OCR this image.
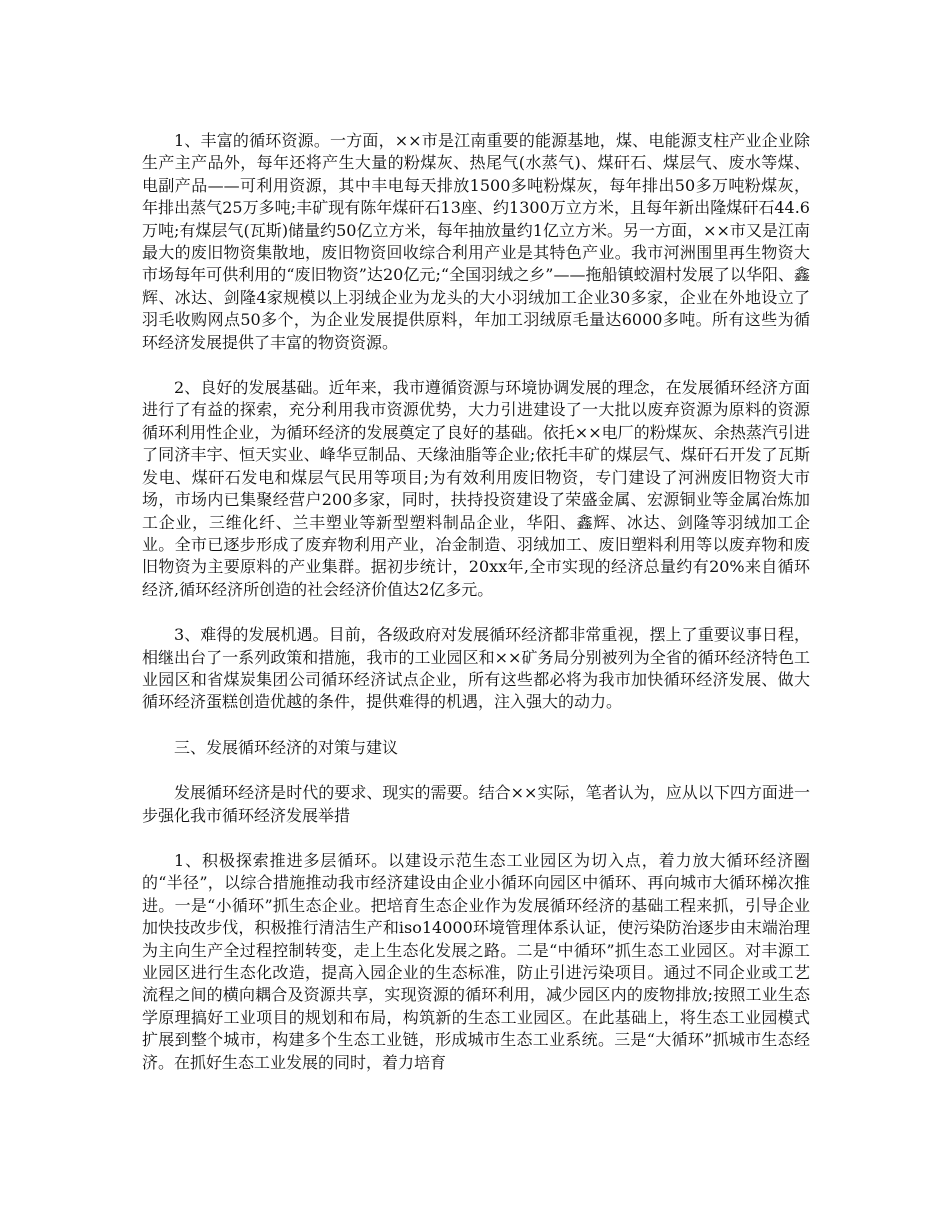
1、丰富的循环资源。一方面，××市是江南重要的能源基地，煤、电能源支柱产业企业除生产主产品外，每年还将产生大量的粉煤灰、热尾气(水蒸气)、煤矸石、煤层气、废水等煤、电副产品——可利用资源，其中丰电每天排放1500多吨粉煤灰，每年排出50多万吨粉煤灰，年排出蒸气25万多吨;丰矿现有陈年煤矸石13座、约1300万立方米，且每年新出隆煤矸石44.6万吨;有煤层气(瓦斯)储量约50亿立方米，每年抽放量约1亿立方米。另一方面，××市又是江南最大的废旧物资集散地，废旧物资回收综合利用产业是其特色产业。我市河洲围里再生物资大市场每年可供利用的“废旧物资”达20亿元;“全国羽绒之乡”——拖船镇蛟湄村发展了以华阳、鑫辉、冰达、剑隆4家规模以上羽绒企业为龙头的大小羽绒加工企业30多家，企业在外地设立了羽毛收购网点50多个，为企业发展提供原料，年加工羽绒原毛量达6000多吨。所有这些为循环经济发展提供了丰富的物资资源。

2、良好的发展基础。近年来，我市遵循资源与环境协调发展的理念，在发展循环经济方面进行了有益的探索，充分利用我市资源优势，大力引进建设了一大批以废弃资源为原料的资源循环利用性企业，为循环经济的发展奠定了良好的基础。依托××电厂的粉煤灰、余热蒸汽引进了同济丰宇、恒天实业、峰华豆制品、天缘油脂等企业;依托丰矿的煤层气、煤矸石开发了瓦斯发电、煤矸石发电和煤层气民用等项目;为有效利用废旧物资，专门建设了河洲废旧物资大市场，市场内已集聚经营户200多家，同时，扶持投资建设了荣盛金属、宏源铜业等金属冶炼加工企业，三维化纤、兰丰塑业等新型塑料制品企业，华阳、鑫辉、冰达、剑隆等羽绒加工企业。全市已逐步形成了废弃物利用产业，冶金制造、羽绒加工、废旧塑料利用等以废弃物和废旧物资为主要原料的产业集群。据初步统计，20xx年,全市实现的经济总量约有20%来自循环经济,循环经济所创造的社会经济价值达2亿多元。

3、难得的发展机遇。目前，各级政府对发展循环经济都非常重视，摆上了重要议事日程，相继出台了一系列政策和措施，我市的工业园区和××矿务局分别被列为全省的循环经济特色工业园区和省煤炭集团公司循环经济试点企业，所有这些都必将为我市加快循环经济发展、做大循环经济蛋糕创造优越的条件，提供难得的机遇，注入强大的动力。

三、发展循环经济的对策与建议

发展循环经济是时代的要求、现实的需要。结合××实际，笔者认为，应从以下四方面进一步强化我市循环经济发展举措

1、积极探索推进多层循环。以建设示范生态工业园区为切入点，着力放大循环经济圈的“半径”，以综合措施推动我市经济建设由企业小循环向园区中循环、再向城市大循环梯次推进。一是“小循环”抓生态企业。把培育生态企业作为发展循环经济的基础工程来抓，引导企业加快技改步伐，积极推行清洁生产和iso14000环境管理体系认证，使污染防治逐步由末端治理为主向生产全过程控制转变，走上生态化发展之路。二是“中循环”抓生态工业园区。对丰源工业园区进行生态化改造，提高入园企业的生态标准，防止引进污染项目。通过不同企业或工艺流程之间的横向耦合及资源共享，实现资源的循环利用，减少园区内的废物排放;按照工业生态学原理搞好工业项目的规划和布局，构筑新的生态工业园区。在此基础上，将生态工业园模式扩展到整个城市，构建多个生态工业链，形成城市生态工业系统。三是“大循环”抓城市生态经济。在抓好生态工业发展的同时，着力培育
